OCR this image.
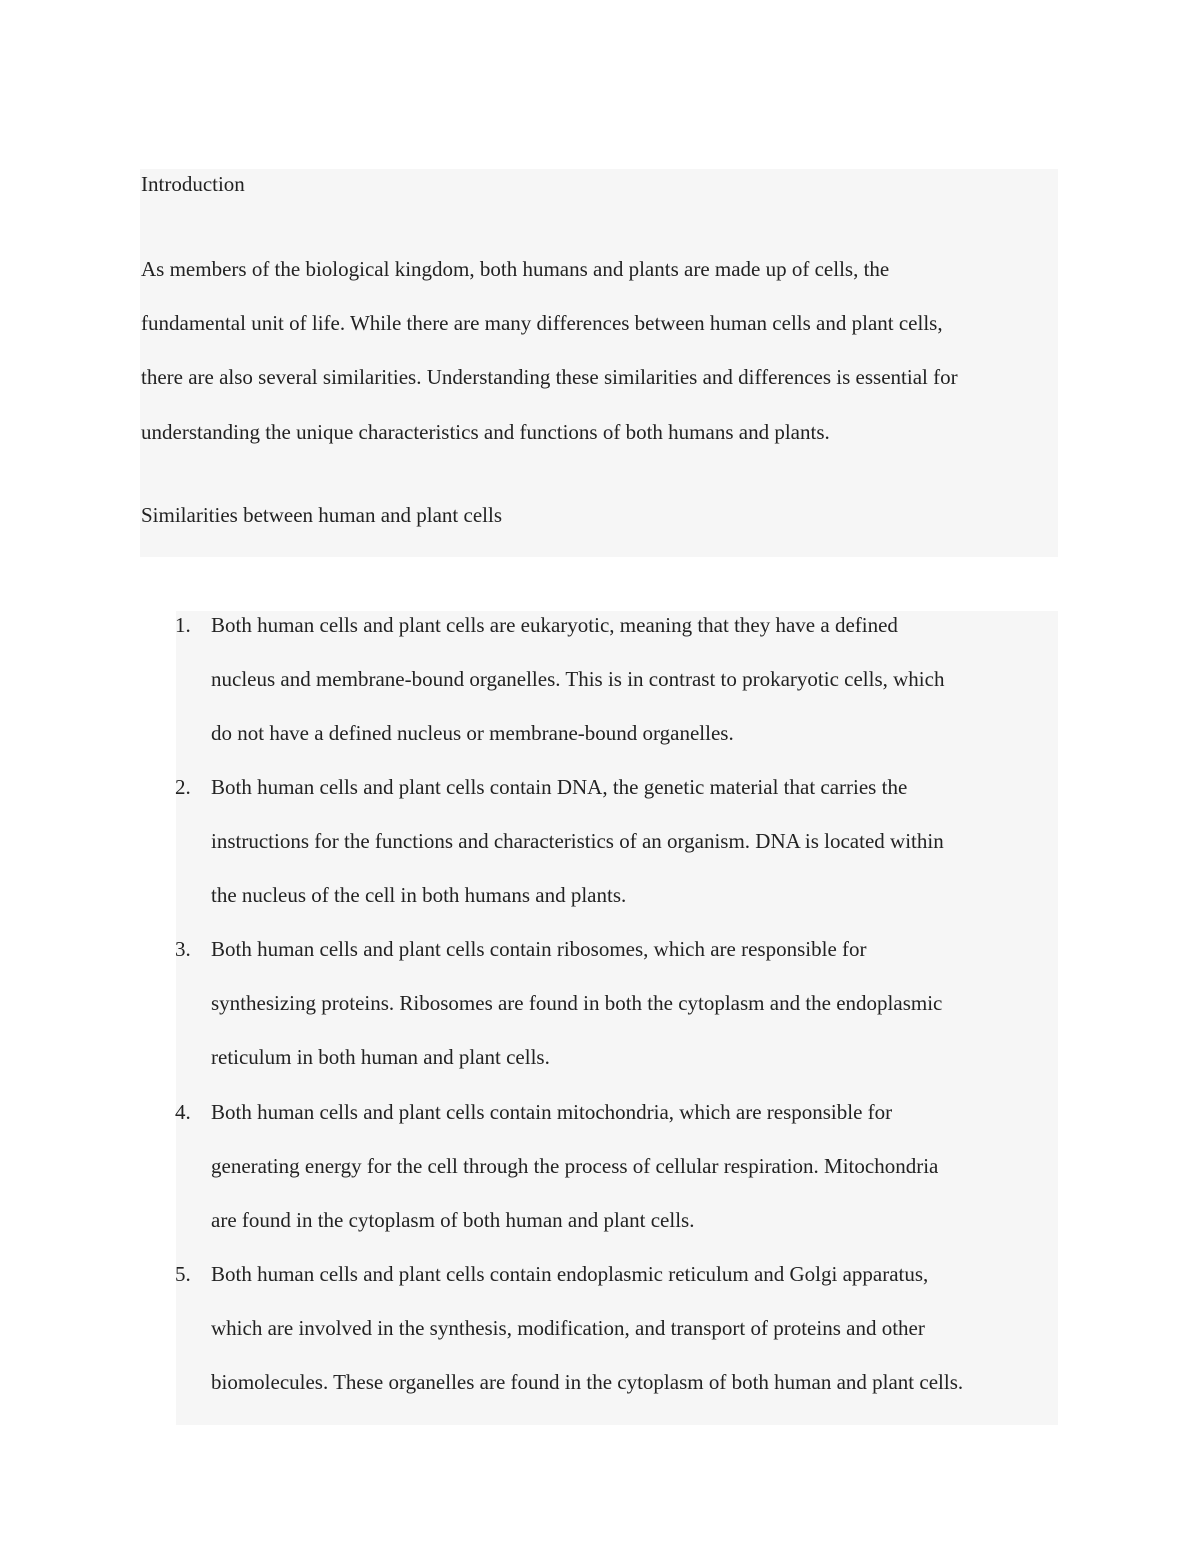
Introduction
As members of the biological kingdom, both humans and plants are made up of cells, the
fundamental unit of life. While there are many differences between human cells and plant cells,
there are also several similarities. Understanding these similarities and differences is essential for
understanding the unique characteristics and functions of both humans and plants.
Similarities between human and plant cells
1. Both human cells and plant cells are eukaryotic, meaning that they have a defined
nucleus and membrane-bound organelles. This is in contrast to prokaryotic cells, which
do not have a defined nucleus or membrane-bound organelles.
2. Both human cells and plant cells contain DNA, the genetic material that carries the
instructions for the functions and characteristics of an organism. DNA is located within
the nucleus of the cell in both humans and plants.
3. Both human cells and plant cells contain ribosomes, which are responsible for
synthesizing proteins. Ribosomes are found in both the cytoplasm and the endoplasmic
reticulum in both human and plant cells.
4. Both human cells and plant cells contain mitochondria, which are responsible for
generating energy for the cell through the process of cellular respiration. Mitochondria
are found in the cytoplasm of both human and plant cells.
5. Both human cells and plant cells contain endoplasmic reticulum and Golgi apparatus,
which are involved in the synthesis, modification, and transport of proteins and other
biomolecules. These organelles are found in the cytoplasm of both human and plant cells.
